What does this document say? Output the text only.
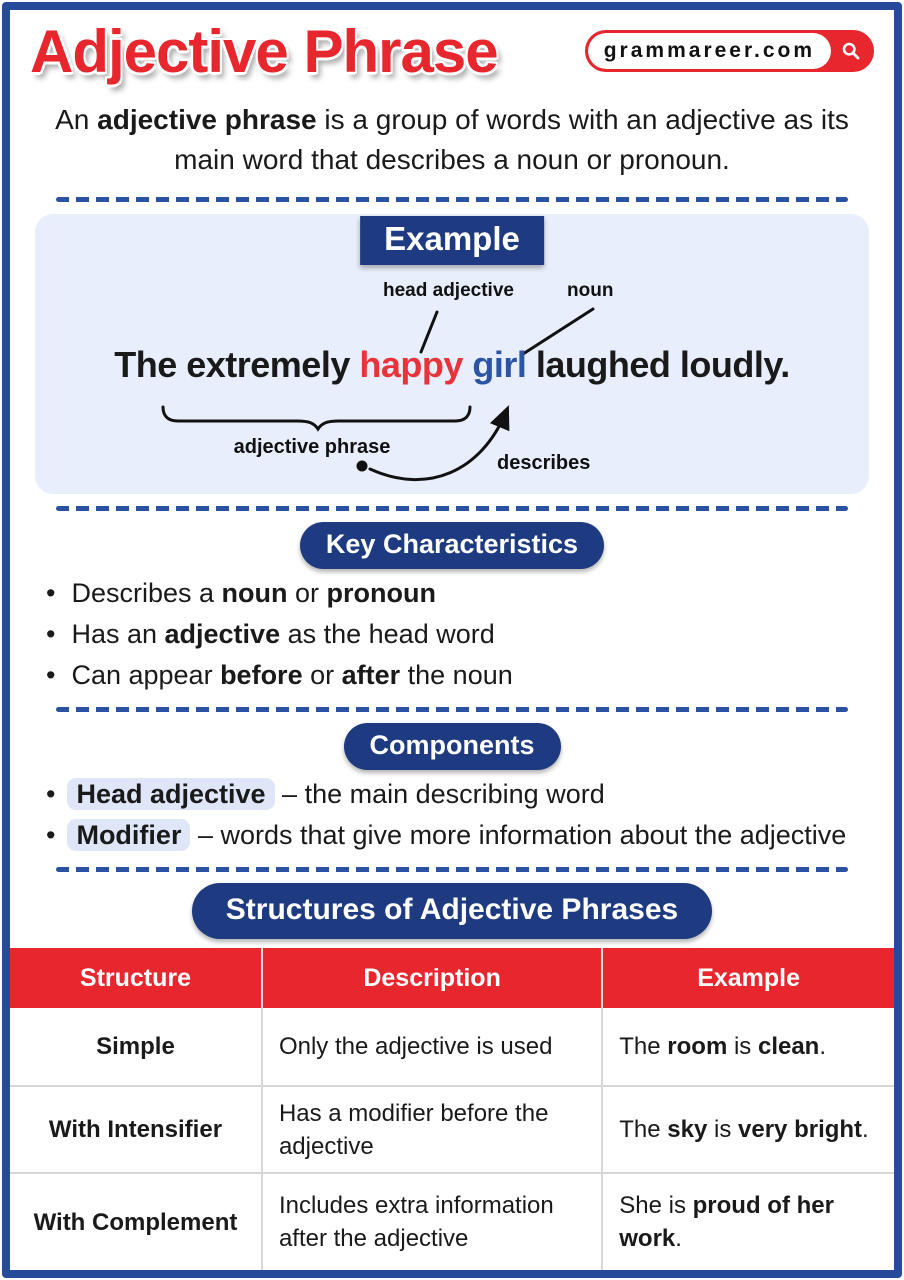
Adjective Phrase	grammareer.com

An adjective phrase is a group of words with an adjective as its main word that describes a noun or pronoun.

Example
head adjective	noun
The extremely happy girl laughed loudly.
adjective phrase
describes
Key Characteristics
• Describes a noun or pronoun
• Has an adjective as the head word
• Can appear before or after the noun
Components
• Head adjective – the main describing word
• Modifier – words that give more information about the adjective
Structures of Adjective Phrases
Structure	Description	Example
Simple	Only the adjective is used	The room is clean.
With Intensifier	Has a modifier before the adjective	The sky is very bright.
With Complement	Includes extra information after the adjective	She is proud of her work.
